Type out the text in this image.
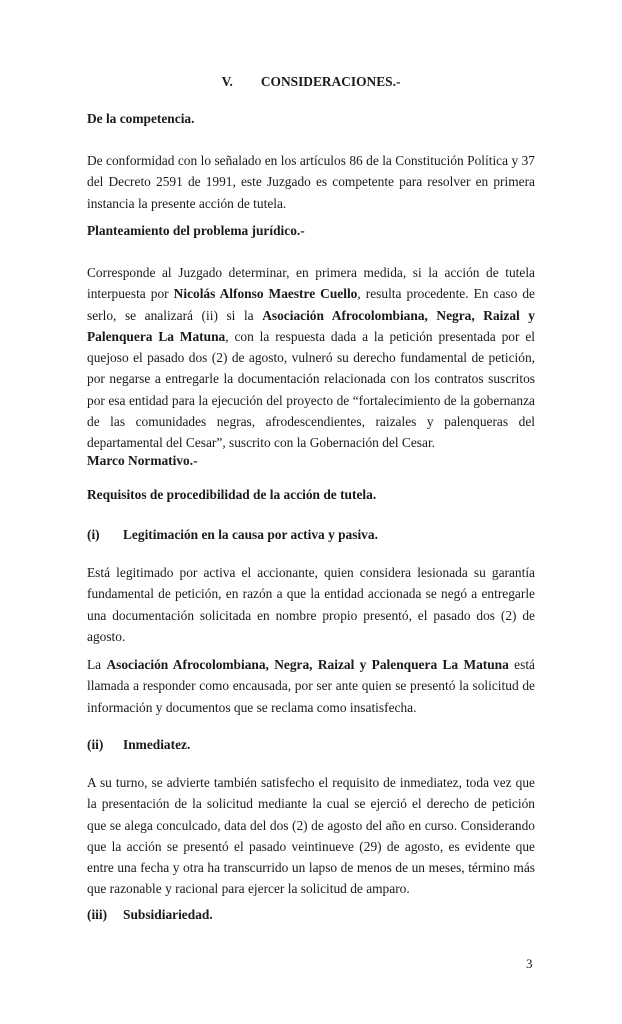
V. CONSIDERACIONES.-

De la competencia.

De conformidad con lo señalado en los artículos 86 de la Constitución Política y 37 del Decreto 2591 de 1991, este Juzgado es competente para resolver en primera instancia la presente acción de tutela.

Planteamiento del problema jurídico.-

Corresponde al Juzgado determinar, en primera medida, si la acción de tutela interpuesta por Nicolás Alfonso Maestre Cuello, resulta procedente. En caso de serlo, se analizará (ii) si la Asociación Afrocolombiana, Negra, Raizal y Palenquera La Matuna, con la respuesta dada a la petición presentada por el quejoso el pasado dos (2) de agosto, vulneró su derecho fundamental de petición, por negarse a entregarle la documentación relacionada con los contratos suscritos por esa entidad para la ejecución del proyecto de “fortalecimiento de la gobernanza de las comunidades negras, afrodescendientes, raizales y palenqueras del departamental del Cesar”, suscrito con la Gobernación del Cesar.

Marco Normativo.-

Requisitos de procedibilidad de la acción de tutela.

(i) Legitimación en la causa por activa y pasiva.

Está legitimado por activa el accionante, quien considera lesionada su garantía fundamental de petición, en razón a que la entidad accionada se negó a entregarle una documentación solicitada en nombre propio presentó, el pasado dos (2) de agosto.

La Asociación Afrocolombiana, Negra, Raizal y Palenquera La Matuna está llamada a responder como encausada, por ser ante quien se presentó la solicitud de información y documentos que se reclama como insatisfecha.

(ii) Inmediatez.

A su turno, se advierte también satisfecho el requisito de inmediatez, toda vez que la presentación de la solicitud mediante la cual se ejerció el derecho de petición que se alega conculcado, data del dos (2) de agosto del año en curso. Considerando que la acción se presentó el pasado veintinueve (29) de agosto, es evidente que entre una fecha y otra ha transcurrido un lapso de menos de un meses, término más que razonable y racional para ejercer la solicitud de amparo.

(iii) Subsidiariedad.

3
